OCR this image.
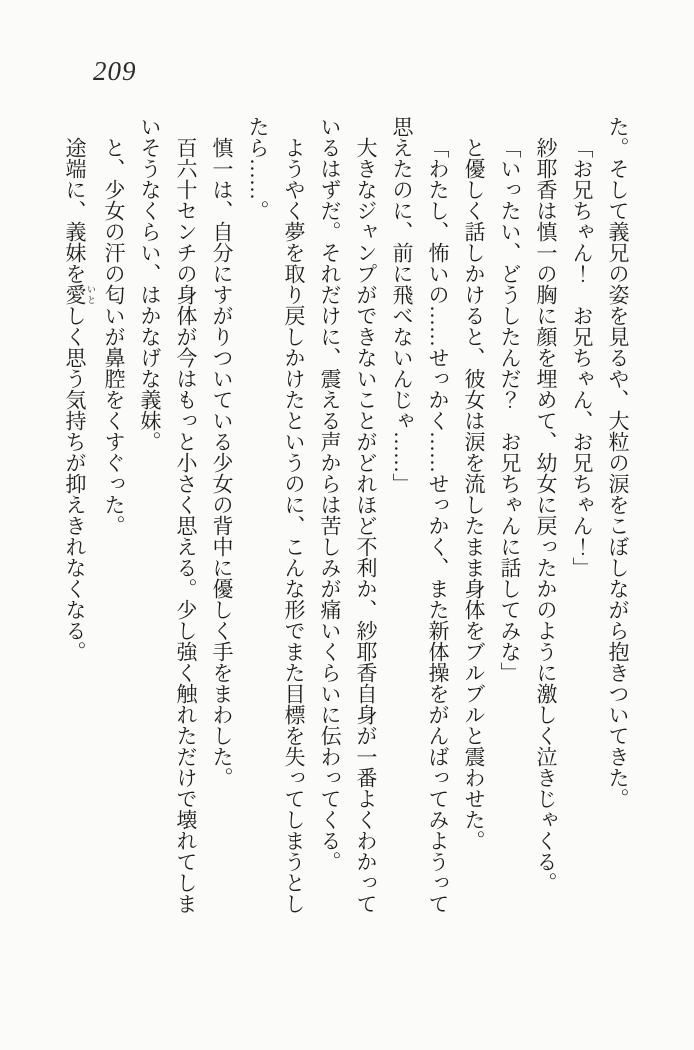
209

た。そして義兄の姿を見るや、大粒の涙をこぼしながら抱きついてきた。

「お兄ちゃん！　お兄ちゃん、お兄ちゃん！」

紗耶香は慎一の胸に顔を埋めて、幼女に戻ったかのように激しく泣きじゃくる。

「いったい、どうしたんだ？　お兄ちゃんに話してみな」

と優しく話しかけると、彼女は涙を流したまま身体をブルブルと震わせた。

「わたし、怖いの……せっかく……せっかく、また新体操をがんばってみようって

思えたのに、前に飛べないんじゃ……」

大きなジャンプができないことがどれほど不利か、紗耶香自身が一番よくわかって

いるはずだ。それだけに、震える声からは苦しみが痛いくらいに伝わってくる。

ようやく夢を取り戻しかけたというのに、こんな形でまた目標を失ってしまうとし

たら……。

慎一は、自分にすがりついている少女の背中に優しく手をまわした。

百六十センチの身体が今はもっと小さく思える。少し強く触れただけで壊れてしま

いそうなくらい、はかなげな義妹。

と、少女の汗の匂いが鼻腔をくすぐった。

途端に、義妹を愛 いとしく思う気持ちが抑えきれなくなる。
